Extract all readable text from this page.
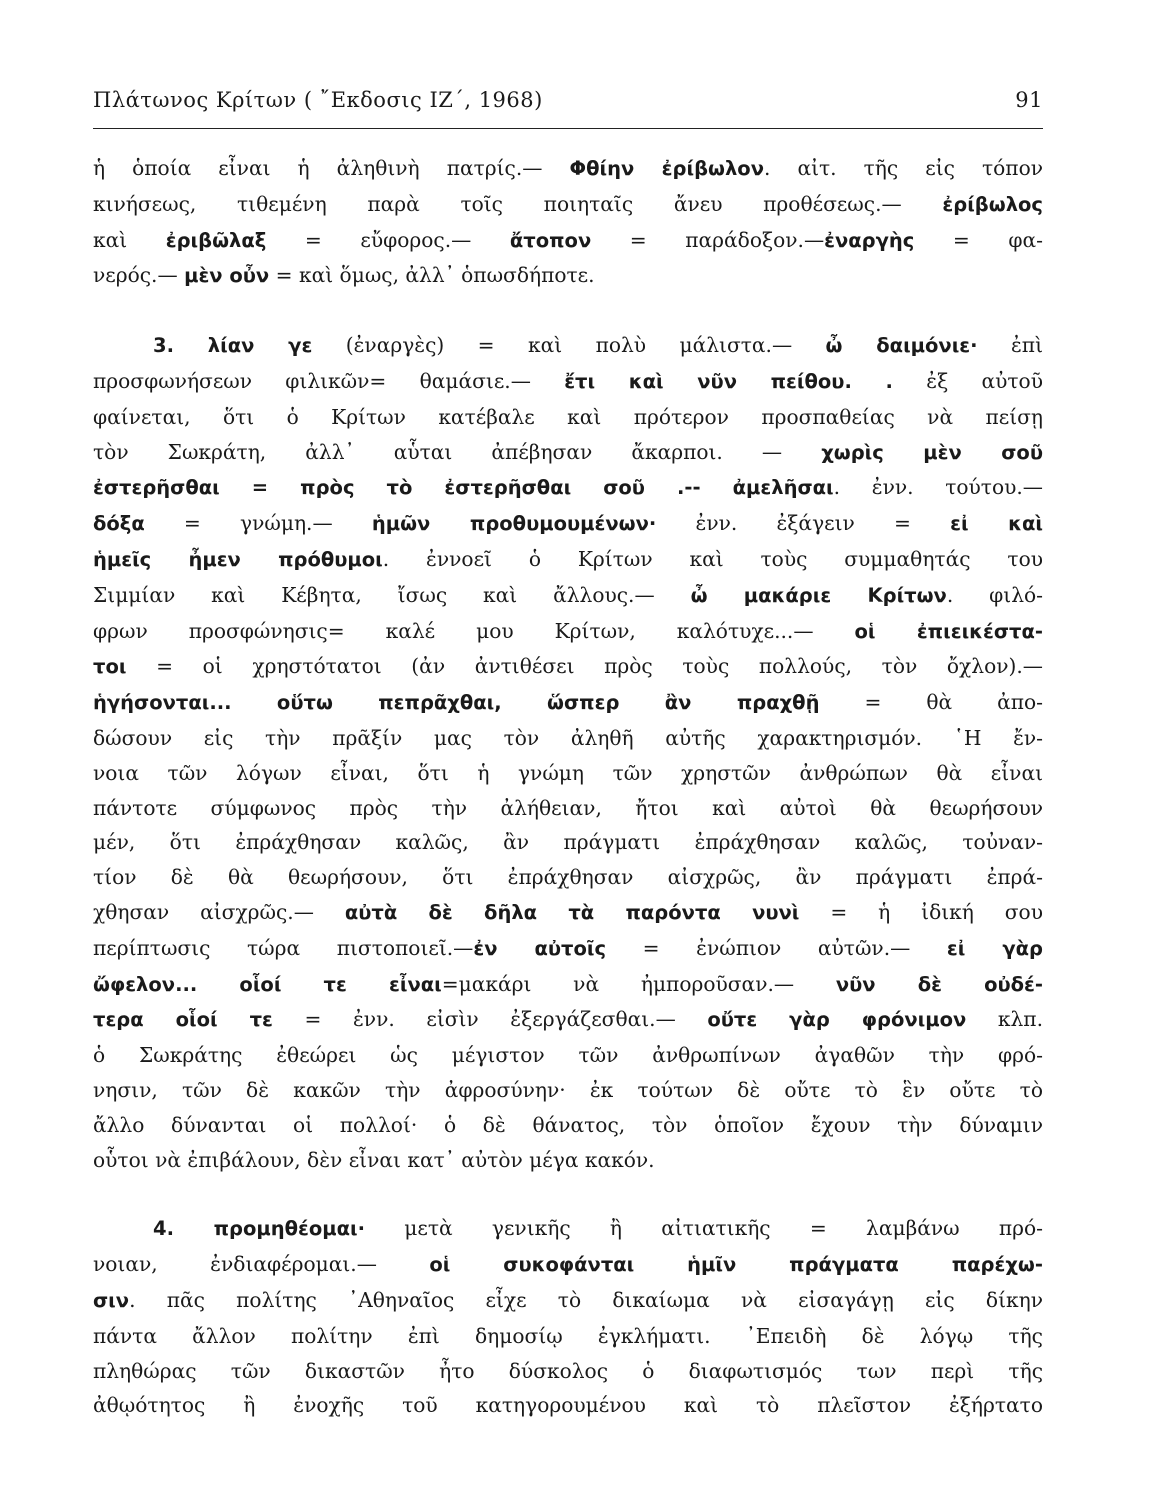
Πλάτωνος Κρίτων ( ῎Εκδοσις ΙΖ΄, 1968)	91
ἡ ὁποία εἶναι ἡ ἀληθινὴ πατρίς.— Φθίην ἐρίβωλον. αἰτ. τῆς εἰς τόπον
κινήσεως, τιθεμένη παρὰ τοῖς ποιηταῖς ἄνευ προθέσεως.— ἐρίβωλος
καὶ ἐριβῶλαξ = εὔφορος.— ἄτοπον = παράδοξον.—ἐναργὴς = φα-
νερός.— μὲν οὖν = καὶ ὅμως, ἀλλ᾽ ὁπωσδήποτε.
3. λίαν γε (ἐναργὲς) = καὶ πολὺ μάλιστα.— ὦ δαιμόνιε· ἐπὶ
προσφωνήσεων φιλικῶν= θαμάσιε.— ἔτι καὶ νῦν πείθου. . ἐξ αὐτοῦ
φαίνεται, ὅτι ὁ Κρίτων κατέβαλε καὶ πρότερον προσπαθείας νὰ πείσῃ
τὸν Σωκράτη, ἀλλ᾽ αὗται ἀπέβησαν ἄκαρποι. — χωρὶς μὲν σοῦ
ἐστερῆσθαι = πρὸς τὸ ἐστερῆσθαι σοῦ .-- ἀμελῆσαι. ἐνν. τούτου.—
δόξα = γνώμη.— ἡμῶν προθυμουμένων· ἐνν. ἐξάγειν = εἰ καὶ
ἡμεῖς ἦμεν πρόθυμοι. ἐννοεῖ ὁ Κρίτων καὶ τοὺς συμμαθητάς του
Σιμμίαν καὶ Κέβητα, ἴσως καὶ ἄλλους.— ὦ μακάριε Κρίτων. φιλό-
φρων προσφώνησις= καλέ μου Κρίτων, καλότυχε...— οἱ ἐπιεικέστα-
τοι = οἱ χρηστότατοι (ἀν ἀντιθέσει πρὸς τοὺς πολλούς, τὸν ὄχλον).—
ἡγήσονται... οὕτω πεπρᾶχθαι, ὥσπερ ἂν πραχθῇ = θὰ ἀπο-
δώσουν εἰς τὴν πρᾶξίν μας τὸν ἀληθῆ αὐτῆς χαρακτηρισμόν. ῾Η ἔν-
νοια τῶν λόγων εἶναι, ὅτι ἡ γνώμη τῶν χρηστῶν ἀνθρώπων θὰ εἶναι
πάντοτε σύμφωνος πρὸς τὴν ἀλήθειαν, ἤτοι καὶ αὐτοὶ θὰ θεωρήσουν
μέν, ὅτι ἐπράχθησαν καλῶς, ἂν πράγματι ἐπράχθησαν καλῶς, τοὐναν-
τίον δὲ θὰ θεωρήσουν, ὅτι ἐπράχθησαν αἰσχρῶς, ἂν πράγματι ἐπρά-
χθησαν αἰσχρῶς.— αὐτὰ δὲ δῆλα τὰ παρόντα νυνὶ = ἡ ἰδική σου
περίπτωσις τώρα πιστοποιεῖ.—ἐν αὐτοῖς = ἐνώπιον αὐτῶν.— εἰ γὰρ
ὤφελον... οἷοί τε εἶναι=μακάρι νὰ ἠμποροῦσαν.— νῦν δὲ οὐδέ-
τερα οἷοί τε = ἐνν. εἰσὶν ἐξεργάζεσθαι.— οὔτε γὰρ φρόνιμον κλπ.
ὁ Σωκράτης ἐθεώρει ὡς μέγιστον τῶν ἀνθρωπίνων ἀγαθῶν τὴν φρό-
νησιν, τῶν δὲ κακῶν τὴν ἀφροσύνην· ἐκ τούτων δὲ οὔτε τὸ ἓν οὔτε τὸ
ἄλλο δύνανται οἱ πολλοί· ὁ δὲ θάνατος, τὸν ὁποῖον ἔχουν τὴν δύναμιν
οὗτοι νὰ ἐπιβάλουν, δὲν εἶναι κατ᾽ αὐτὸν μέγα κακόν.
4. προμηθέομαι· μετὰ γενικῆς ἢ αἰτιατικῆς = λαμβάνω πρό-
νοιαν, ἐνδιαφέρομαι.— οἱ συκοφάνται ἡμῖν πράγματα παρέχω-
σιν. πᾶς πολίτης ᾿Αθηναῖος εἶχε τὸ δικαίωμα νὰ εἰσαγάγῃ εἰς δίκην
πάντα ἄλλον πολίτην ἐπὶ δημοσίῳ ἐγκλήματι. ᾿Επειδὴ δὲ λόγῳ τῆς
πληθώρας τῶν δικαστῶν ἦτο δύσκολος ὁ διαφωτισμός των περὶ τῆς
ἀθῳότητος ἢ ἐνοχῆς τοῦ κατηγορουμένου καὶ τὸ πλεῖστον ἐξήρτατο
